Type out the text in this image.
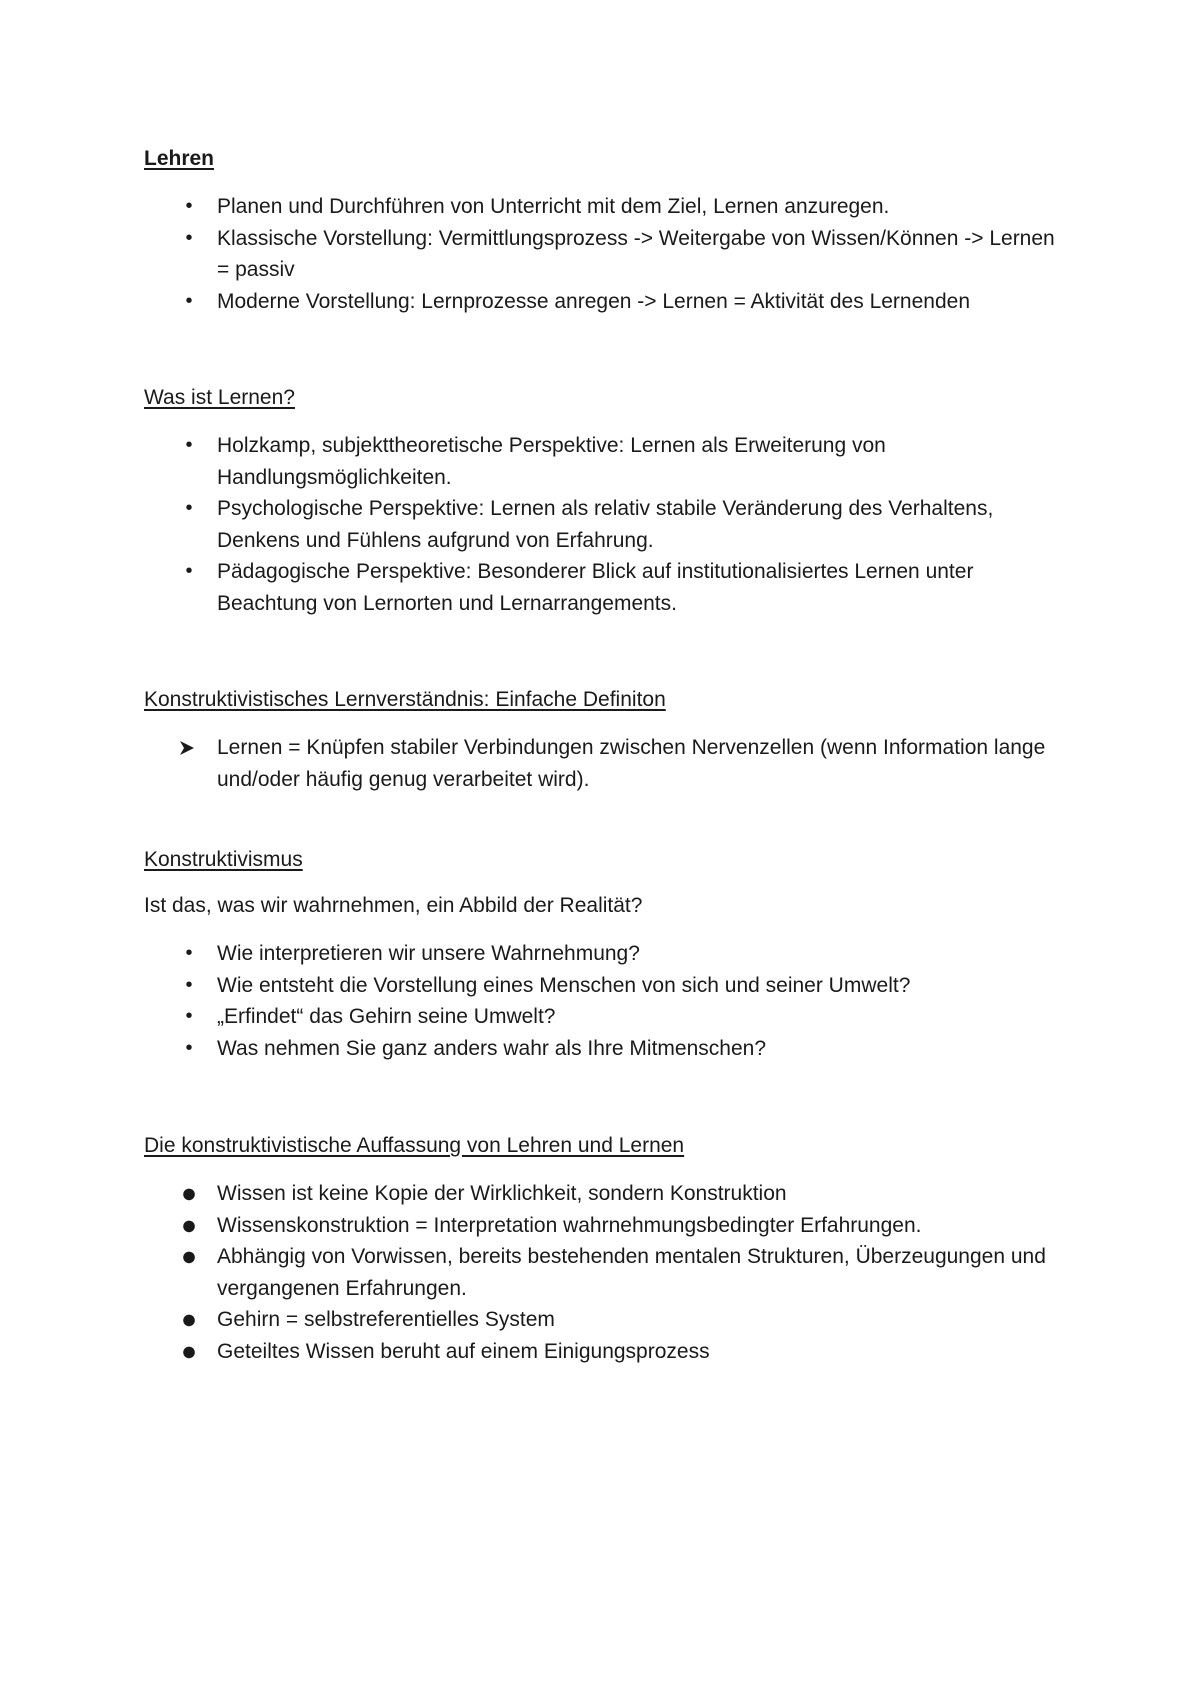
Lehren
•	Planen und Durchführen von Unterricht mit dem Ziel, Lernen anzuregen.
•	Klassische Vorstellung: Vermittlungsprozess -> Weitergabe von Wissen/Können -> Lernen = passiv
•	Moderne Vorstellung: Lernprozesse anregen -> Lernen = Aktivität des Lernenden
Was ist Lernen?
•	Holzkamp, subjekttheoretische Perspektive: Lernen als Erweiterung von Handlungsmöglichkeiten.
•	Psychologische Perspektive: Lernen als relativ stabile Veränderung des Verhaltens, Denkens und Fühlens aufgrund von Erfahrung.
•	Pädagogische Perspektive: Besonderer Blick auf institutionalisiertes Lernen unter Beachtung von Lernorten und Lernarrangements.
Konstruktivistisches Lernverständnis: Einfache Definiton
Lernen = Knüpfen stabiler Verbindungen zwischen Nervenzellen (wenn Information lange und/oder häufig genug verarbeitet wird).
Konstruktivismus
Ist das, was wir wahrnehmen, ein Abbild der Realität?
•	Wie interpretieren wir unsere Wahrnehmung?
•	Wie entsteht die Vorstellung eines Menschen von sich und seiner Umwelt?
•	„Erfindet“ das Gehirn seine Umwelt?
•	Was nehmen Sie ganz anders wahr als Ihre Mitmenschen?
Die konstruktivistische Auffassung von Lehren und Lernen
● Wissen ist keine Kopie der Wirklichkeit, sondern Konstruktion
● Wissenskonstruktion = Interpretation wahrnehmungsbedingter Erfahrungen.
● Abhängig von Vorwissen, bereits bestehenden mentalen Strukturen, Überzeugungen und vergangenen Erfahrungen.
● Gehirn = selbstreferentielles System
● Geteiltes Wissen beruht auf einem Einigungsprozess
